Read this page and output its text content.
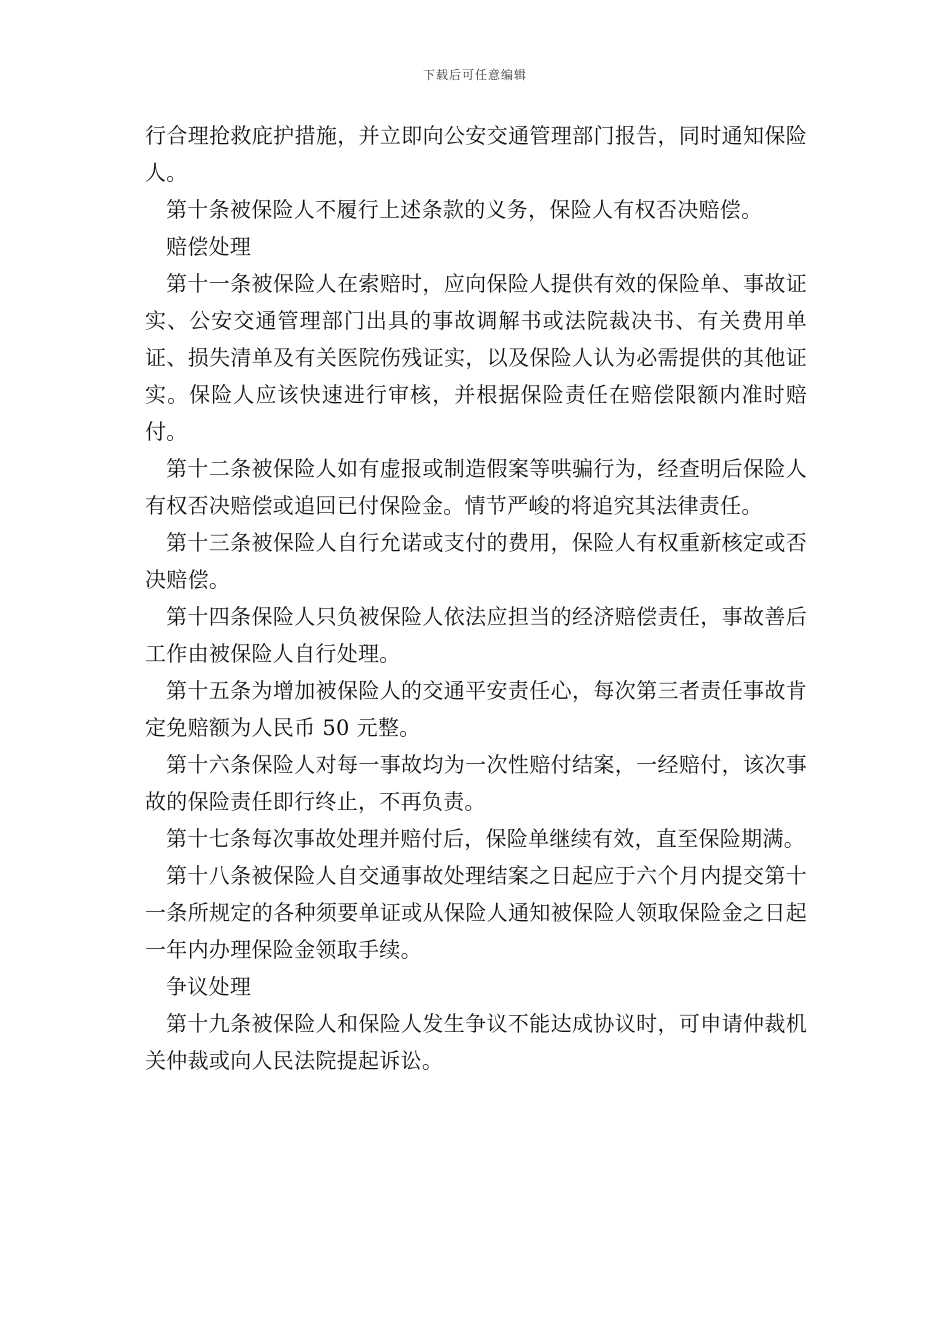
下载后可任意编辑

行合理抢救庇护措施，并立即向公安交通管理部门报告，同时通知保险人。

第十条被保险人不履行上述条款的义务，保险人有权否决赔偿。

赔偿处理

第十一条被保险人在索赔时，应向保险人提供有效的保险单、事故证实、公安交通管理部门出具的事故调解书或法院裁决书、有关费用单证、损失清单及有关医院伤残证实，以及保险人认为必需提供的其他证实。保险人应该快速进行审核，并根据保险责任在赔偿限额内准时赔付。

第十二条被保险人如有虚报或制造假案等哄骗行为，经查明后保险人有权否决赔偿或追回已付保险金。情节严峻的将追究其法律责任。

第十三条被保险人自行允诺或支付的费用，保险人有权重新核定或否决赔偿。

第十四条保险人只负被保险人依法应担当的经济赔偿责任，事故善后工作由被保险人自行处理。

第十五条为增加被保险人的交通平安责任心，每次第三者责任事故肯定免赔额为人民币 50 元整。

第十六条保险人对每一事故均为一次性赔付结案，一经赔付，该次事故的保险责任即行终止，不再负责。

第十七条每次事故处理并赔付后，保险单继续有效，直至保险期满。

第十八条被保险人自交通事故处理结案之日起应于六个月内提交第十一条所规定的各种须要单证或从保险人通知被保险人领取保险金之日起一年内办理保险金领取手续。

争议处理

第十九条被保险人和保险人发生争议不能达成协议时，可申请仲裁机关仲裁或向人民法院提起诉讼。
